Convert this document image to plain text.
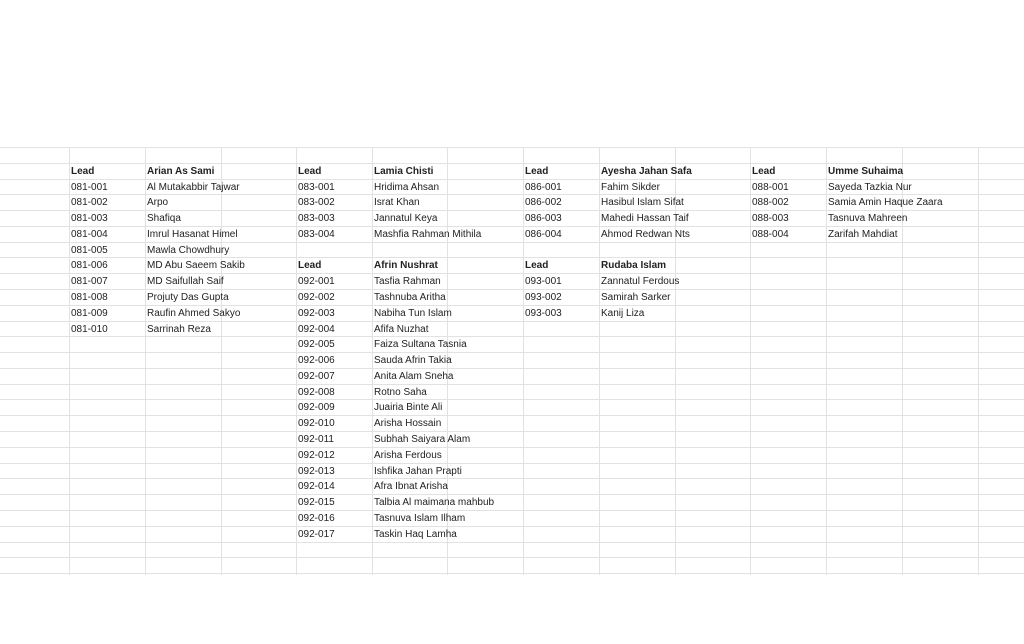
Lead	Arian As Sami
081-001	Al Mutakabbir Tajwar
081-002	Arpo
081-003	Shafiqa
081-004	Imrul Hasanat Himel
081-005	Mawla Chowdhury
081-006	MD Abu Saeem Sakib
081-007	MD Saifullah Saif
081-008	Projuty Das Gupta
081-009	Raufin Ahmed Sakyo
081-010	Sarrinah Reza
Lead	Lamia Chisti
083-001	Hridima Ahsan
083-002	Israt Khan
083-003	Jannatul Keya
083-004	Mashfia Rahman Mithila
Lead	Afrin Nushrat
092-001	Tasfia Rahman
092-002	Tashnuba Aritha
092-003	Nabiha Tun Islam
092-004	Afifa Nuzhat
092-005	Faiza Sultana Tasnia
092-006	Sauda Afrin Takia
092-007	Anita Alam Sneha
092-008	Rotno Saha
092-009	Juairia Binte Ali
092-010	Arisha Hossain
092-011	Subhah Saiyara Alam
092-012	Arisha Ferdous
092-013	Ishfika Jahan Prapti
092-014	Afra Ibnat Arisha
092-015	Talbia Al maimana mahbub
092-016	Tasnuva Islam Ilham
092-017	Taskin Haq Lamha
Lead	Ayesha Jahan Safa
086-001	Fahim Sikder
086-002	Hasibul Islam Sifat
086-003	Mahedi Hassan Taif
086-004	Ahmod Redwan Nts
Lead	Rudaba Islam
093-001	Zannatul Ferdous
093-002	Samirah Sarker
093-003	Kanij Liza
Lead	Umme Suhaima
088-001	Sayeda Tazkia Nur
088-002	Samia Amin Haque Zaara
088-003	Tasnuva Mahreen
088-004	Zarifah Mahdiat
